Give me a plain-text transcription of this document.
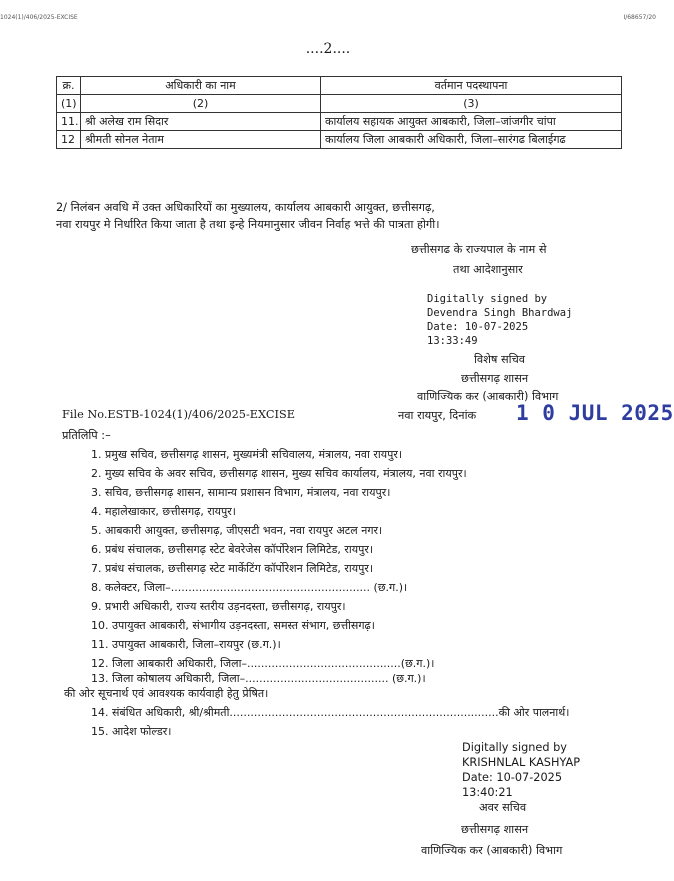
1024(1)/406/2025-EXCISE	I/68657/20
....2....
क्र.	अधिकारी का नाम	वर्तमान पदस्थापना
(1)	(2)	(3)
11.	श्री अलेख राम सिदार	कार्यालय सहायक आयुक्त आबकारी, जिला–जांजगीर चांपा
12	श्रीमती सोनल नेताम	कार्यालय जिला आबकारी अधिकारी, जिला–सारंगढ बिलाईगढ
2/ निलंबन अवधि में उक्त अधिकारियों का मुख्यालय, कार्यालय आबकारी आयुक्त, छत्तीसगढ़,
नवा रायपुर मे निर्धारित किया जाता है तथा इन्हे नियमानुसार जीवन निर्वाह भत्ते की पात्रता होगी।
छत्तीसगढ के राज्यपाल के नाम से
तथा आदेशानुसार
Digitally signed by
Devendra Singh Bhardwaj
Date: 10-07-2025
13:33:49
विशेष सचिव
छत्तीसगढ़ शासन
वाणिज्यिक कर (आबकारी) विभाग
File No.ESTB-1024(1)/406/2025-EXCISE	नवा रायपुर, दिनांक 1 0 JUL 2025
प्रतिलिपि :–
1. प्रमुख सचिव, छत्तीसगढ़ शासन, मुख्यमंत्री सचिवालय, मंत्रालय, नवा रायपुर।
2. मुख्य सचिव के अवर सचिव, छत्तीसगढ़ शासन, मुख्य सचिव कार्यालय, मंत्रालय, नवा रायपुर।
3. सचिव, छत्तीसगढ़ शासन, सामान्य प्रशासन विभाग, मंत्रालय, नवा रायपुर।
4. महालेखाकार, छत्तीसगढ़, रायपुर।
5. आबकारी आयुक्त, छत्तीसगढ़, जीएसटी भवन, नवा रायपुर अटल नगर।
6. प्रबंध संचालक, छत्तीसगढ़ स्टेट बेवरेजेस कॉर्पोरेशन लिमिटेड, रायपुर।
7. प्रबंध संचालक, छत्तीसगढ़ स्टेट मार्केटिंग कॉर्पोरेशन लिमिटेड, रायपुर।
8. कलेक्टर, जिला–......................................................... (छ.ग.)।
9. प्रभारी अधिकारी, राज्य स्तरीय उड़नदस्ता, छत्तीसगढ़, रायपुर।
10. उपायुक्त आबकारी, संभागीय उड़नदस्ता, समस्त संभाग, छत्तीसगढ़।
11. उपायुक्त आबकारी, जिला–रायपुर (छ.ग.)।
12. जिला आबकारी अधिकारी, जिला–............................................(छ.ग.)।
13. जिला कोषालय अधिकारी, जिला–......................................... (छ.ग.)।
की ओर सूचनार्थ एवं आवश्यक कार्यवाही हेतु प्रेषित।
14. संबंधित अधिकारी, श्री/श्रीमती.............................................................................की ओर पालनार्थ।
15. आदेश फोल्डर।
Digitally signed by
KRISHNLAL KASHYAP
Date: 10-07-2025
13:40:21
अवर सचिव
छत्तीसगढ़ शासन
वाणिज्यिक कर (आबकारी) विभाग
